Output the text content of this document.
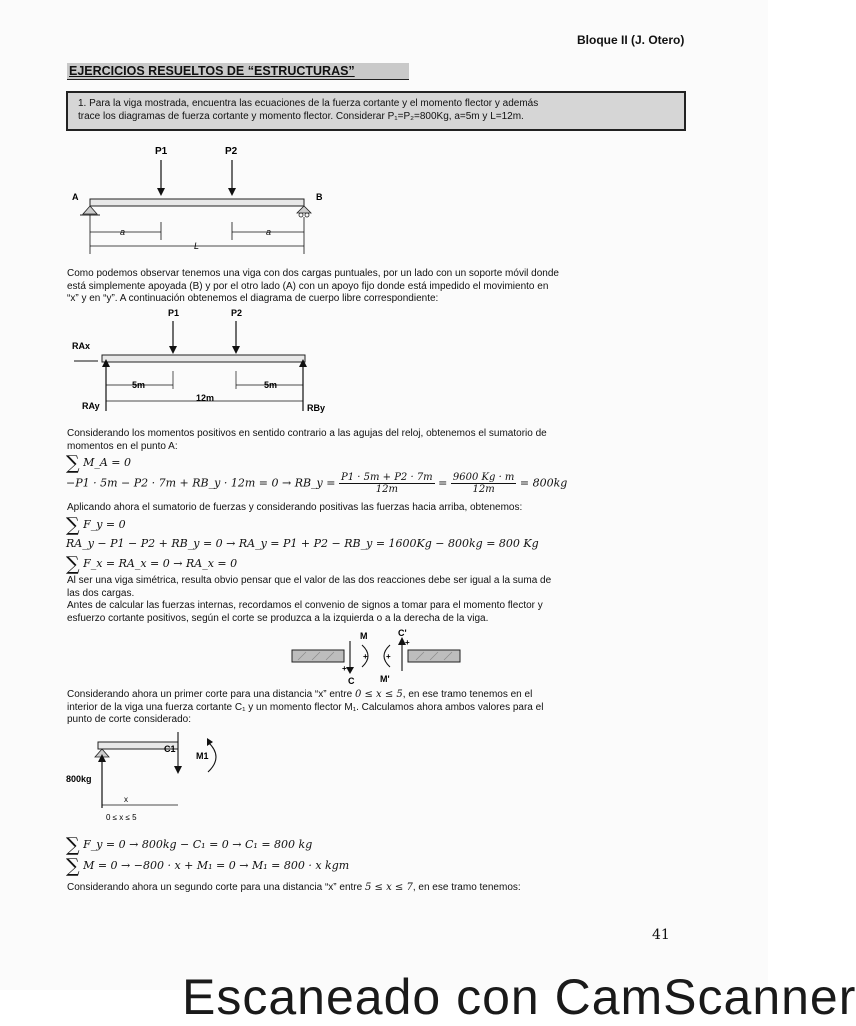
Bloque II (J. Otero)
EJERCICIOS RESUELTOS DE “ESTRUCTURAS”
1. Para la viga mostrada, encuentra las ecuaciones de la fuerza cortante y el momento flector y además
trace los diagramas de fuerza cortante y momento flector. Considerar P₁=P₂=800Kg, a=5m y L=12m.
P1	P2
A	B
a	a
L
Como podemos observar tenemos una viga con dos cargas puntuales, por un lado con un soporte móvil donde
está simplemente apoyada (B) y por el otro lado (A) con un apoyo fijo donde está impedido el movimiento en
“x” y en “y”. A continuación obtenemos el diagrama de cuerpo libre correspondiente:
P1	P2
RAx
5m	5m
12m
RAy	RBy
Considerando los momentos positivos en sentido contrario a las agujas del reloj, obtenemos el sumatorio de
momentos en el punto A:
∑ M_A = 0
−P1 · 5m − P2 · 7m + RB_y · 12m = 0 → RB_y = $\frac{P1 \cdot 5m + P2 \cdot 7m}{12m} = \frac{9600 Kg \cdot m}{12m} = 800kg$
Aplicando ahora el sumatorio de fuerzas y considerando positivas las fuerzas hacia arriba, obtenemos:
∑ F_y = 0
RA_y − P1 − P2 + RB_y = 0 → RA_y = P1 + P2 − RB_y = 1600Kg − 800kg = 800 Kg
∑ F_x = RA_x = 0 → RA_x = 0
Al ser una viga simétrica, resulta obvio pensar que el valor de las dos reacciones debe ser igual a la suma de
las dos cargas.
Antes de calcular las fuerzas internas, recordamos el convenio de signos a tomar para el momento flector y
esfuerzo cortante positivos, según el corte se produzca a la izquierda o a la derecha de la viga.
M
+
+
C
+
M'
C'
+
Considerando ahora un primer corte para una distancia “x” entre 0 ≤ x ≤ 5, en ese tramo tenemos en el
interior de la viga una fuerza cortante C₁ y un momento flector M₁. Calculamos ahora ambos valores para el
punto de corte considerado:
C1
M1
800kg
x
0 ≤ x ≤ 5
∑ F_y = 0 → 800kg − C₁ = 0 → C₁ = 800 kg
∑ M = 0 → −800 · x + M₁ = 0 → M₁ = 800 · x kgm
Considerando ahora un segundo corte para una distancia “x” entre 5 ≤ x ≤ 7, en ese tramo tenemos:
41
Escaneado con CamScanner
